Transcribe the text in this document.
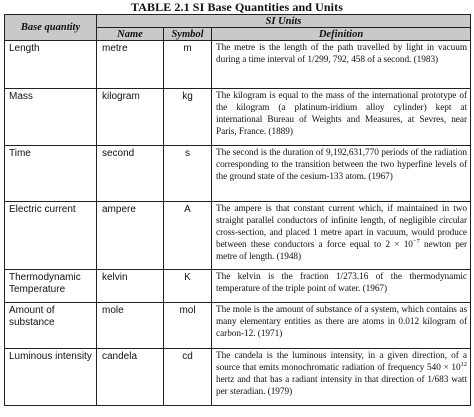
TABLE 2.1 SI Base Quantities and Units
Base quantity	SI Units		
	Name	Symbol	Definition
Length	metre	m	The metre is the length of the path travelled by light in vacuum during a time interval of 1/299, 792, 458 of a second. (1983)
Mass	kilogram	kg	The kilogram is equal to the mass of the international prototype of the kilogram (a platinum-iridium alloy cylinder) kept at international Bureau of Weights and Measures, at Sevres, near Paris, France. (1889)
Time	second	s	The second is the duration of 9,192,631,770 periods of the radiation corresponding to the transition between the two hyperfine levels of the ground state of the cesium-133 atom. (1967)
Electric current	ampere	A	The ampere is that constant current which, if maintained in two straight parallel conductors of infinite length, of negligible circular cross-section, and placed 1 metre apart in vacuum, would produce between these conductors a force equal to $2 \times 10^{-7}$ newton per metre of length. (1948)
Thermodynamic Temperature	kelvin	K	The kelvin is the fraction 1/273.16 of the thermodynamic temperature of the triple point of water. (1967)
Amount of substance	mole	mol	The mole is the amount of substance of a system, which contains as many elementary entities as there are atoms in 0.012 kilogram of carbon-12. (1971)
Luminous intensity	candela	cd	The candela is the luminous intensity, in a given direction, of a source that emits monochromatic radiation of frequency $540 \times 10^{12}$ hertz and that has a radiant intensity in that direction of 1/683 watt per steradian. (1979)
